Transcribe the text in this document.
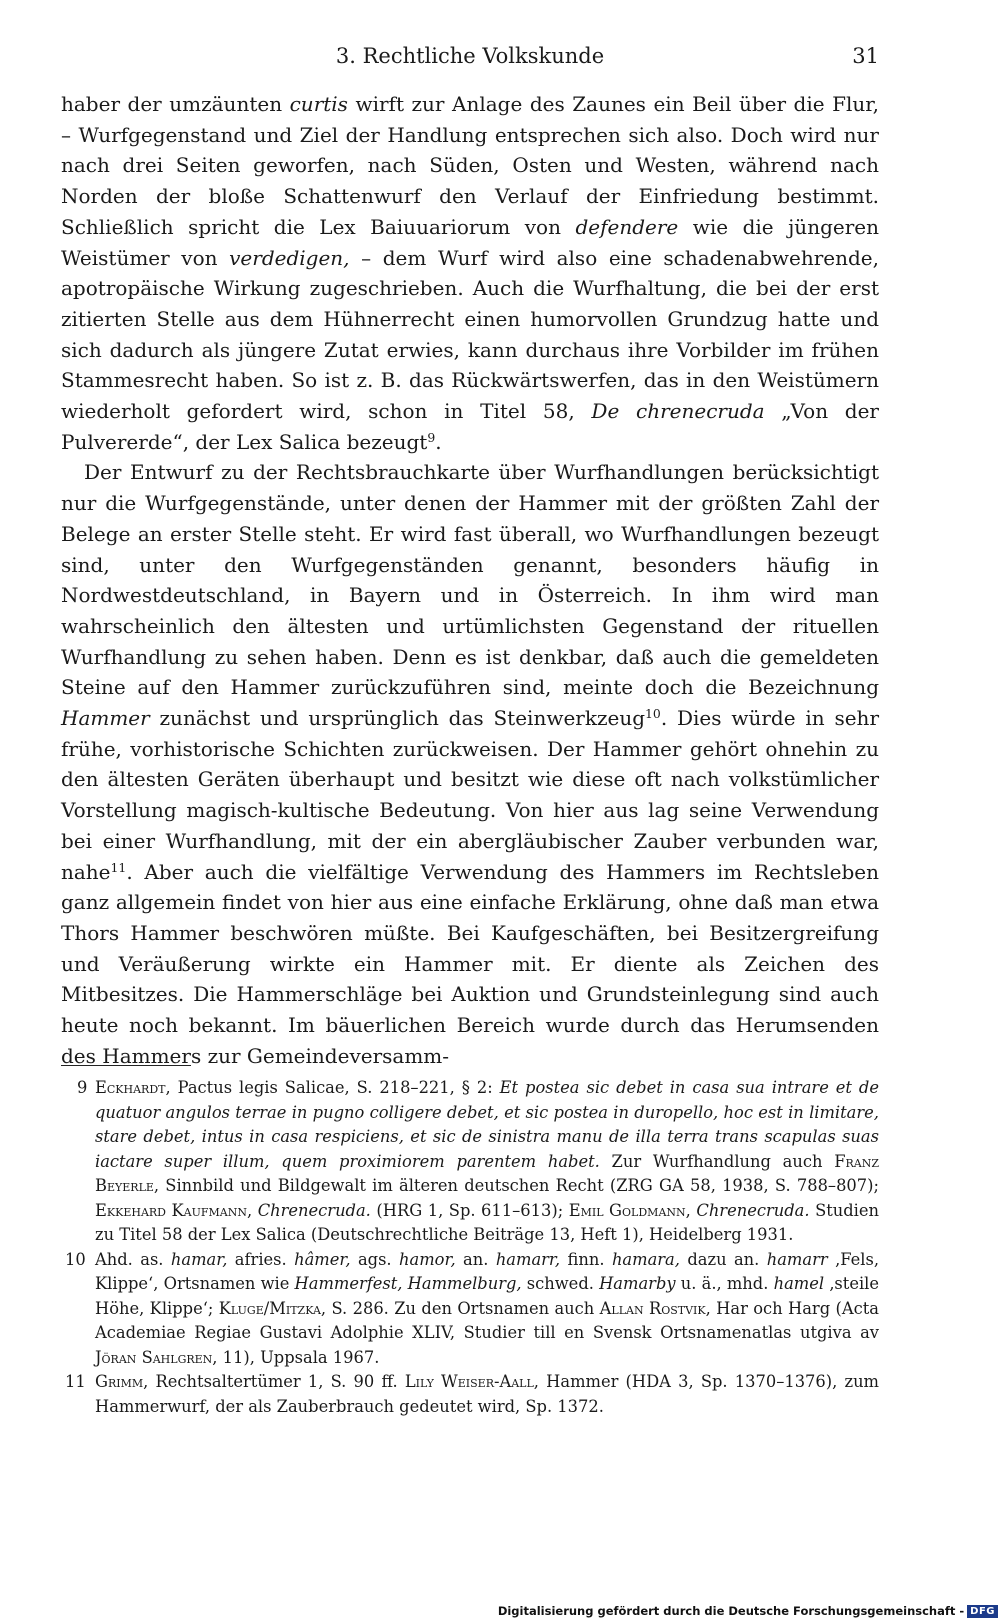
3. Rechtliche Volkskunde	31

haber der umzäunten curtis wirft zur Anlage des Zaunes ein Beil über die Flur, – Wurfgegenstand und Ziel der Handlung entsprechen sich also. Doch wird nur nach drei Seiten geworfen, nach Süden, Osten und Westen, während nach Norden der bloße Schattenwurf den Verlauf der Einfriedung bestimmt. Schließlich spricht die Lex Baiuuariorum von defendere wie die jüngeren Weistümer von verdedigen, – dem Wurf wird also eine schadenabwehrende, apotropäische Wirkung zugeschrieben. Auch die Wurfhaltung, die bei der erst zitierten Stelle aus dem Hühnerrecht einen humorvollen Grundzug hatte und sich dadurch als jüngere Zutat erwies, kann durchaus ihre Vorbilder im frühen Stammesrecht haben. So ist z. B. das Rückwärtswerfen, das in den Weistümern wiederholt gefordert wird, schon in Titel 58, De chrenecruda „Von der Pulvererde“, der Lex Salica bezeugt$^9$.

Der Entwurf zu der Rechtsbrauchkarte über Wurfhandlungen berücksichtigt nur die Wurfgegenstände, unter denen der Hammer mit der größten Zahl der Belege an erster Stelle steht. Er wird fast überall, wo Wurfhandlungen bezeugt sind, unter den Wurfgegenständen genannt, besonders häufig in Nordwestdeutschland, in Bayern und in Österreich. In ihm wird man wahrscheinlich den ältesten und urtümlichsten Gegenstand der rituellen Wurfhandlung zu sehen haben. Denn es ist denkbar, daß auch die gemeldeten Steine auf den Hammer zurückzuführen sind, meinte doch die Bezeichnung Hammer zunächst und ursprünglich das Steinwerkzeug$^{10}$. Dies würde in sehr frühe, vorhistorische Schichten zurückweisen. Der Hammer gehört ohnehin zu den ältesten Geräten überhaupt und besitzt wie diese oft nach volkstümlicher Vorstellung magisch-kultische Bedeutung. Von hier aus lag seine Verwendung bei einer Wurfhandlung, mit der ein abergläubischer Zauber verbunden war, nahe$^{11}$. Aber auch die vielfältige Verwendung des Hammers im Rechtsleben ganz allgemein findet von hier aus eine einfache Erklärung, ohne daß man etwa Thors Hammer beschwören müßte. Bei Kaufgeschäften, bei Besitzergreifung und Veräußerung wirkte ein Hammer mit. Er diente als Zeichen des Mitbesitzes. Die Hammerschläge bei Auktion und Grundsteinlegung sind auch heute noch bekannt. Im bäuerlichen Bereich wurde durch das Herumsenden des Hammers zur Gemeindeversamm-

9 Eckhardt, Pactus legis Salicae, S. 218–221, § 2: Et postea sic debet in casa sua intrare et de quatuor angulos terrae in pugno colligere debet, et sic postea in duropello, hoc est in limitare, stare debet, intus in casa respiciens, et sic de sinistra manu de illa terra trans scapulas suas iactare super illum, quem proximiorem parentem habet. Zur Wurfhandlung auch Franz Beyerle, Sinnbild und Bildgewalt im älteren deutschen Recht (ZRG GA 58, 1938, S. 788–807); Ekkehard Kaufmann, Chrenecruda. (HRG 1, Sp. 611–613); Emil Goldmann, Chrenecruda. Studien zu Titel 58 der Lex Salica (Deutschrechtliche Beiträge 13, Heft 1), Heidelberg 1931.

10 Ahd. as. hamar, afries. hâmer, ags. hamor, an. hamarr, finn. hamara, dazu an. hamarr ‚Fels, Klippe‘, Ortsnamen wie Hammerfest, Hammelburg, schwed. Hamarby u. ä., mhd. hamel ‚steile Höhe, Klippe‘; Kluge/Mitzka, S. 286. Zu den Ortsnamen auch Allan Rostvik, Har och Harg (Acta Academiae Regiae Gustavi Adolphie XLIV, Studier till en Svensk Ortsnamenatlas utgiva av Jöran Sahlgren, 11), Uppsala 1967.

11 Grimm, Rechtsaltertümer 1, S. 90 ff. Lily Weiser-Aall, Hammer (HDA 3, Sp. 1370–1376), zum Hammerwurf, der als Zauberbrauch gedeutet wird, Sp. 1372.

Digitalisierung gefördert durch die Deutsche Forschungsgemeinschaft - DFG
